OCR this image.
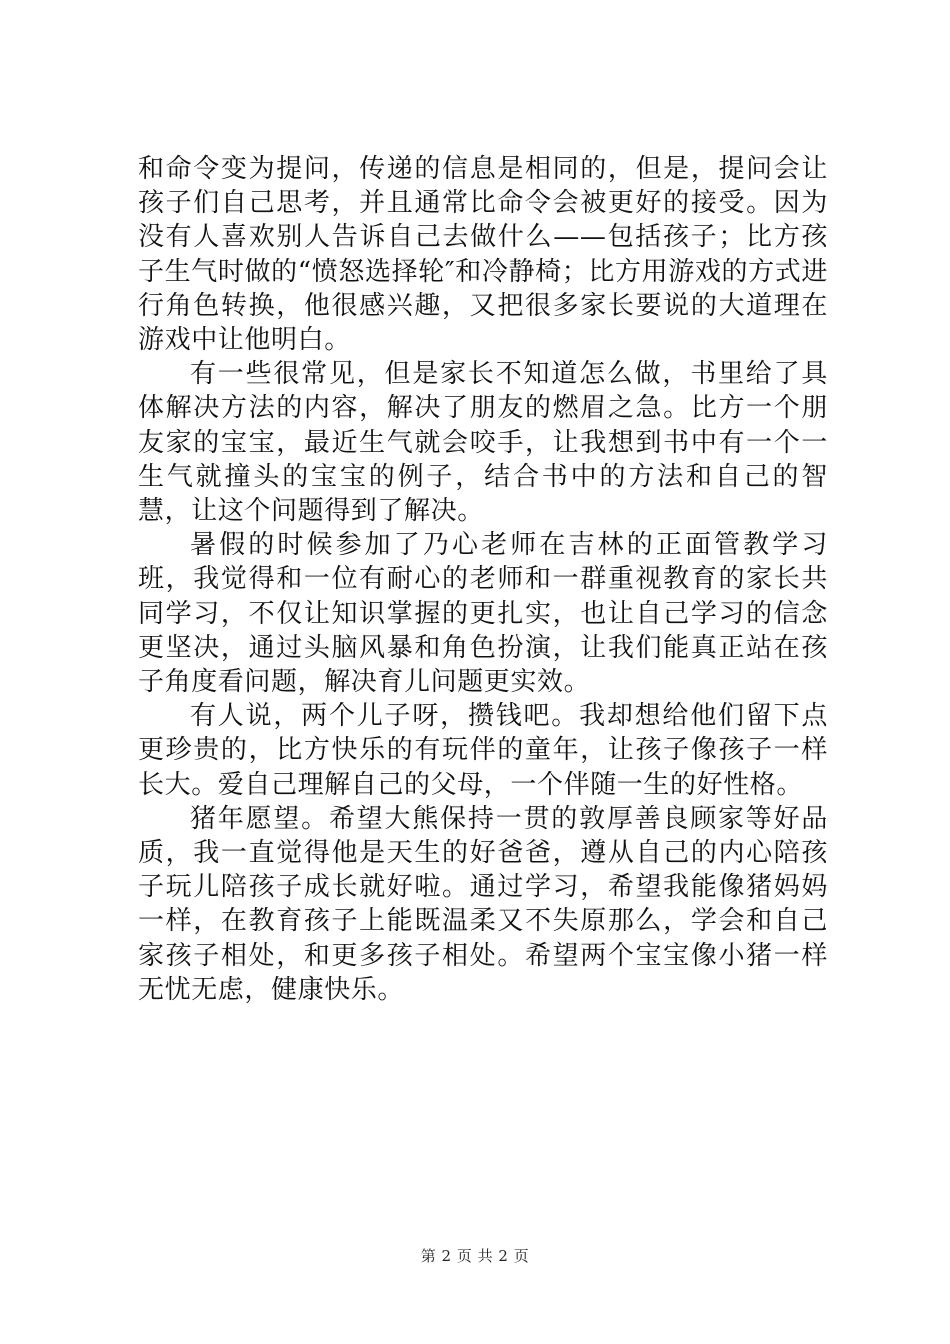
和命令变为提问，传递的信息是相同的，但是，提问会让孩子们自己思考，并且通常比命令会被更好的接受。因为没有人喜欢别人告诉自己去做什么——包括孩子；比方孩子生气时做的“愤怒选择轮″和冷静椅；比方用游戏的方式进行角色转换，他很感兴趣，又把很多家长要说的大道理在游戏中让他明白。

有一些很常见，但是家长不知道怎么做，书里给了具体解决方法的内容，解决了朋友的燃眉之急。比方一个朋友家的宝宝，最近生气就会咬手，让我想到书中有一个一生气就撞头的宝宝的例子，结合书中的方法和自己的智慧，让这个问题得到了解决。

暑假的时候参加了乃心老师在吉林的正面管教学习班，我觉得和一位有耐心的老师和一群重视教育的家长共同学习，不仅让知识掌握的更扎实，也让自己学习的信念更坚决，通过头脑风暴和角色扮演，让我们能真正站在孩子角度看问题，解决育儿问题更实效。

有人说，两个儿子呀，攒钱吧。我却想给他们留下点更珍贵的，比方快乐的有玩伴的童年，让孩子像孩子一样长大。爱自己理解自己的父母，一个伴随一生的好性格。

猪年愿望。希望大熊保持一贯的敦厚善良顾家等好品质，我一直觉得他是天生的好爸爸，遵从自己的内心陪孩子玩儿陪孩子成长就好啦。通过学习，希望我能像猪妈妈一样，在教育孩子上能既温柔又不失原那么，学会和自己家孩子相处，和更多孩子相处。希望两个宝宝像小猪一样无忧无虑，健康快乐。

第 2 页 共 2 页
